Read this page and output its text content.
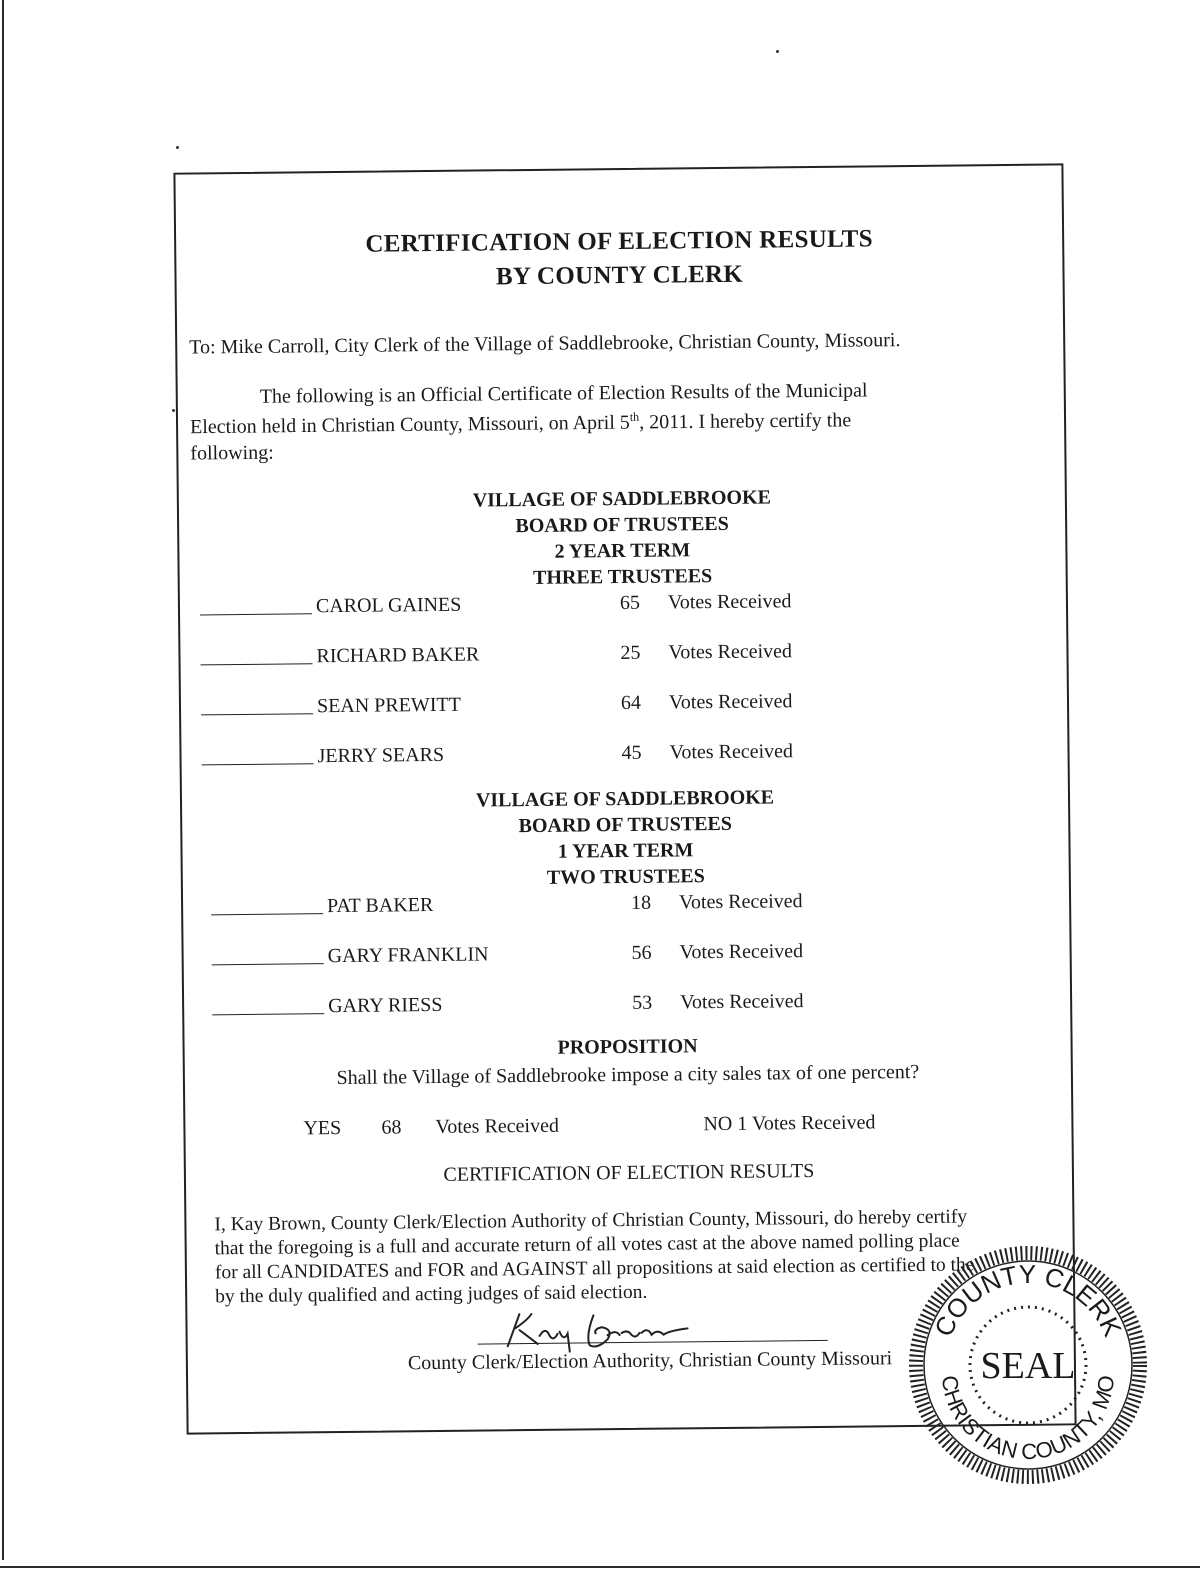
CERTIFICATION OF ELECTION RESULTS
BY COUNTY CLERK
To: Mike Carroll, City Clerk of the Village of Saddlebrooke, Christian County, Missouri.
The following is an Official Certificate of Election Results of the Municipal
Election held in Christian County, Missouri, on April 5th, 2011. I hereby certify the
following:
VILLAGE OF SADDLEBROOKE
BOARD OF TRUSTEES
2 YEAR TERM
THREE TRUSTEES
CAROL GAINES	65 Votes Received
RICHARD BAKER	25 Votes Received
SEAN PREWITT	64 Votes Received
JERRY SEARS	45 Votes Received
VILLAGE OF SADDLEBROOKE
BOARD OF TRUSTEES
1 YEAR TERM
TWO TRUSTEES
PAT BAKER	18 Votes Received
GARY FRANKLIN	56 Votes Received
GARY RIESS	53 Votes Received
PROPOSITION
Shall the Village of Saddlebrooke impose a city sales tax of one percent?
YES 68 Votes Received	NO 1 Votes Received
CERTIFICATION OF ELECTION RESULTS
I, Kay Brown, County Clerk/Election Authority of Christian County, Missouri, do hereby certify
that the foregoing is a full and accurate return of all votes cast at the above named polling place
for all CANDIDATES and FOR and AGAINST all propositions at said election as certified to the
by the duly qualified and acting judges of said election.
County Clerk/Election Authority, Christian County Missouri
COUNTY CLERK
CHRISTIAN COUNTY, MO
SEAL
